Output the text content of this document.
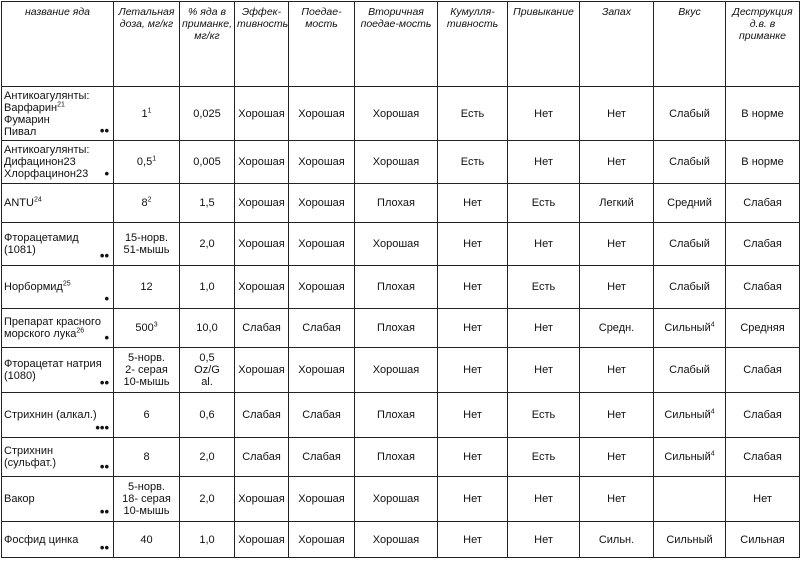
название яда	Летальная доза, мг/кг	% яда в приманке, мг/кг	Эффек-тивность	Поедае-мость	Вторичная поедае-мость	Кумулля-тивность	Привыкание	Запах	Вкус	Деструкция д.в. в приманке

Антикоагулянты:
Варфарин$^{21}$
Фумарин
Пивал ••	$1^1$	0,025	Хорошая	Хорошая	Хорошая	Есть	Нет	Нет	Слабый	В норме

Антикоагулянты:
Дифацинон23
Хлорфацинон23 •	$0,5^1$	0,005	Хорошая	Хорошая	Хорошая	Есть	Нет	Нет	Слабый	В норме

ANTU$^{24}$	$8^2$	1,5	Хорошая	Хорошая	Плохая	Нет	Есть	Легкий	Средний	Слабая

Фторацетамид
(1081) ••	15-норв.
51-мышь	2,0	Хорошая	Хорошая	Хорошая	Нет	Нет	Нет	Слабый	Слабая

Норбормид$^{25}$
•	12	1,0	Хорошая	Хорошая	Плохая	Нет	Есть	Нет	Слабый	Слабая

Препарат красного
морского лука$^{26}$ •	$500^3$	10,0	Слабая	Слабая	Плохая	Нет	Нет	Средн.	Сильный$^4$	Средняя

Фторацетат натрия
(1080) ••	5-норв.
2- серая
10-мышь	0,5
Oz/G
al.	Хорошая	Хорошая	Хорошая	Нет	Нет	Нет	Слабый	Слабая

Стрихнин (алкал.)
•••	6	0,6	Слабая	Слабая	Плохая	Нет	Есть	Нет	Сильный$^4$	Слабая

Стрихнин
(сульфат.) ••	8	2,0	Слабая	Слабая	Плохая	Нет	Есть	Нет	Сильный$^4$	Слабая

Вакор
••	5-норв.
18- серая
10-мышь	2,0	Хорошая	Хорошая	Хорошая	Нет	Нет	Нет		Нет

Фосфид цинка
••	40	1,0	Хорошая	Хорошая	Хорошая	Нет	Нет	Сильн.	Сильный	Сильная
